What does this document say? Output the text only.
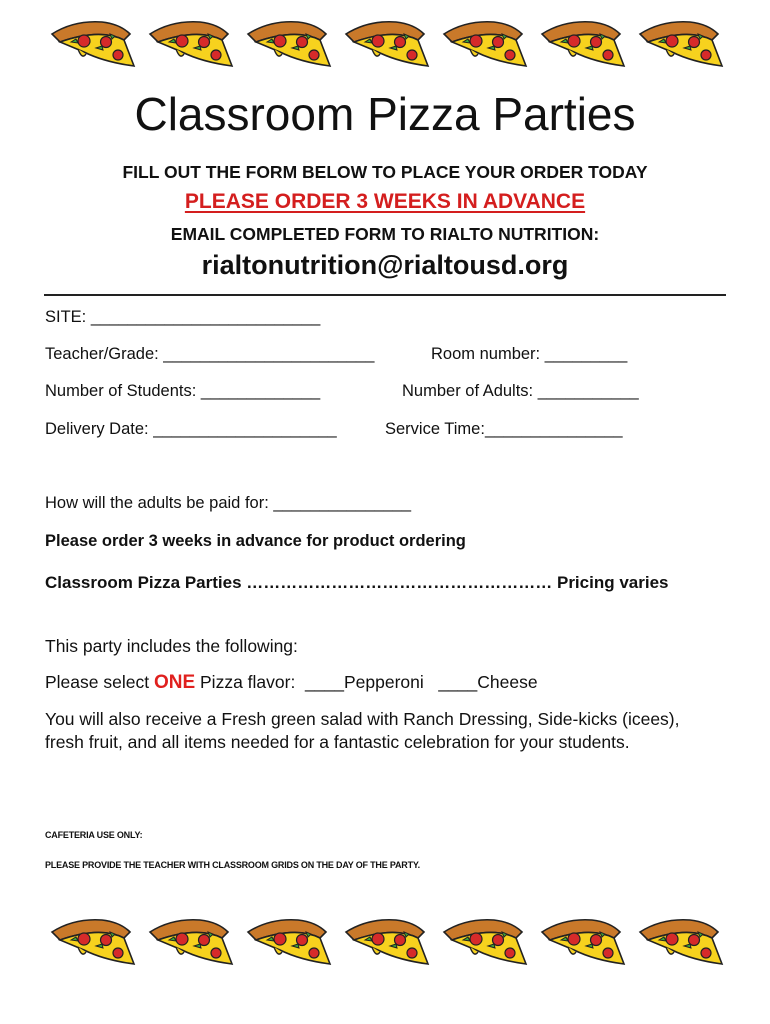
Classroom Pizza Parties
FILL OUT THE FORM BELOW TO PLACE YOUR ORDER TODAY
PLEASE ORDER 3 WEEKS IN ADVANCE
EMAIL COMPLETED FORM TO RIALTO NUTRITION:
rialtonutrition@rialtousd.org
SITE: _________________________
Teacher/Grade: _______________________	Room number: _________
Number of Students: _____________	Number of Adults: ___________
Delivery Date: ____________________	Service Time:_______________
How will the adults be paid for: _______________
Please order 3 weeks in advance for product ordering
Classroom Pizza Parties ……………………………………………… Pricing varies
This party includes the following:
Please select ONE Pizza flavor:  ____Pepperoni   ____Cheese
You will also receive a Fresh green salad with Ranch Dressing, Side-kicks (icees), fresh fruit, and all items needed for a fantastic celebration for your students.
CAFETERIA USE ONLY:
PLEASE PROVIDE THE TEACHER WITH CLASSROOM GRIDS ON THE DAY OF THE PARTY.
